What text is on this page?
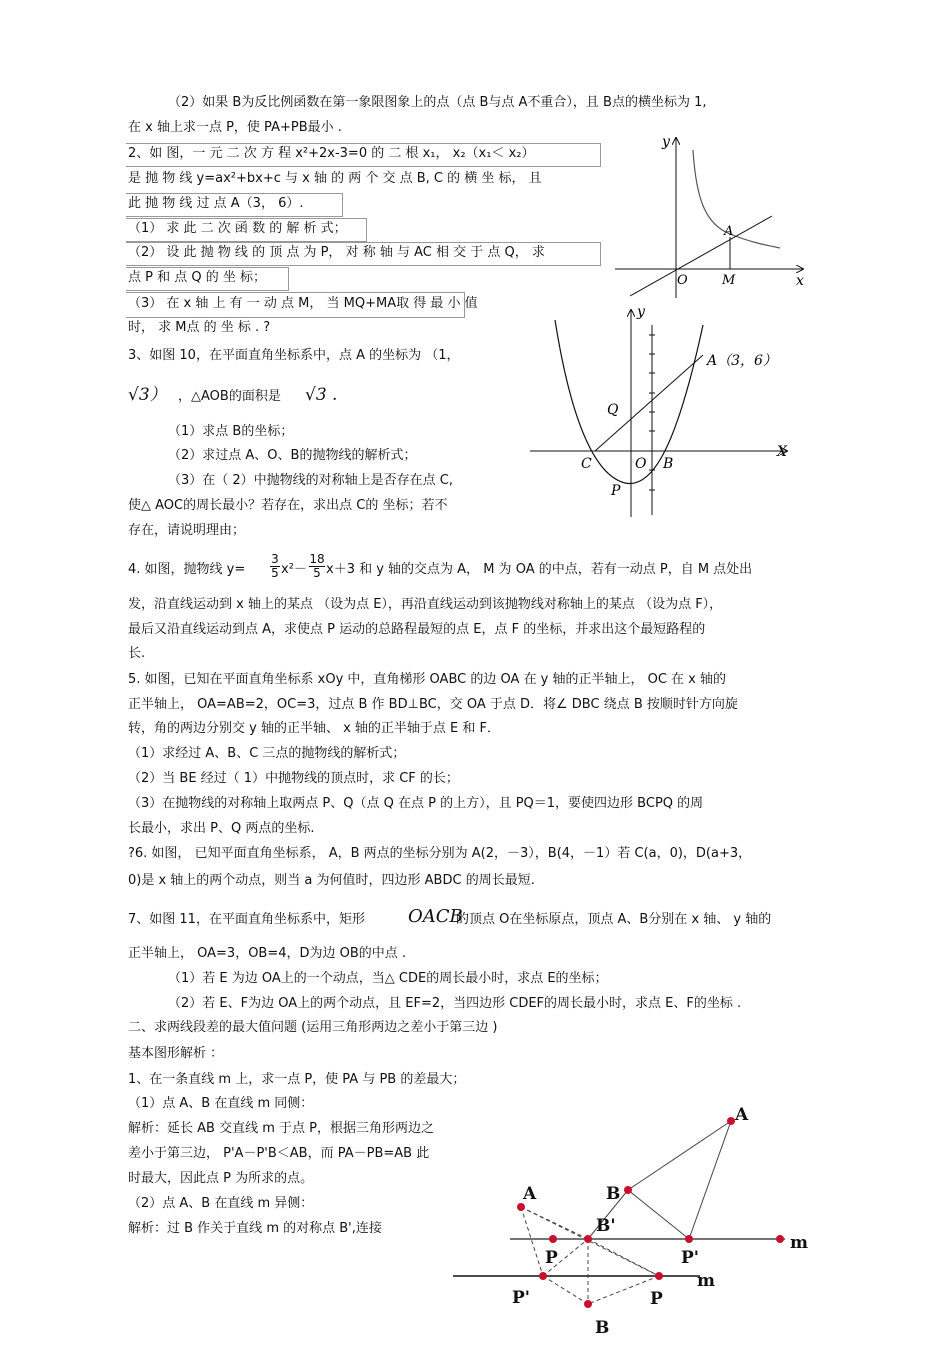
（2）如果 B为反比例函数在第一象限图象上的点（点 B与点 A不重合），且 B点的横坐标为 1,
在 x 轴上求一点 P，使 PA+PB最小 .
2、如 图，一 元 二 次 方 程 x²+2x-3=0 的 二 根 x₁， x₂（x₁＜ x₂）
是 抛 物 线 y=ax²+bx+c 与 x 轴 的 两 个 交 点 B, C 的 横 坐 标， 且
此 抛 物 线 过 点 A（3， 6）.
（1） 求 此 二 次 函 数 的 解 析 式；
（2） 设 此 抛 物 线 的 顶 点 为 P， 对 称 轴 与 AC 相 交 于 点 Q， 求
点 P 和 点 Q 的 坐 标；
（3） 在 x 轴 上 有 一 动 点 M， 当 MQ+MA取 得 最 小 值
时， 求 M点 的 坐 标 . ?
y
x
A
O	M
3、如图 10，在平面直角坐标系中，点 A 的坐标为 （1，
√3） ，△AOB的面积是 √3 .
（1）求点 B的坐标；
（2）求过点 A、O、B的抛物线的解析式；
（3）在（ 2）中抛物线的对称轴上是否存在点 C,
使△ AOC的周长最小？若存在，求出点 C的 坐标；若不
存在，请说明理由；
A（3，6）
y
X
Q
C	O B
P
4. 如图，抛物线 $y= \frac{3}{5} x^2- \frac{18}{5} x+3$ 和 y 轴的交点为 A， M 为 OA 的中点，若有一动点 P，自 M 点处出
发，沿直线运动到 x 轴上的某点 （设为点 E），再沿直线运动到该抛物线对称轴上的某点 （设为点 F），
最后又沿直线运动到点 A，求使点 P 运动的总路程最短的点 E，点 F 的坐标，并求出这个最短路程的
长.
5. 如图，已知在平面直角坐标系 xOy 中，直角梯形 OABC 的边 OA 在 y 轴的正半轴上， OC 在 x 轴的
正半轴上， OA=AB=2，OC=3，过点 B 作 BD⊥BC，交 OA 于点 D．将∠ DBC 绕点 B 按顺时针方向旋
转，角的两边分别交 y 轴的正半轴、 x 轴的正半轴于点 E 和 F．
（1）求经过 A、B、C 三点的抛物线的解析式；
（2）当 BE 经过（ 1）中抛物线的顶点时，求 CF 的长；
（3）在抛物线的对称轴上取两点 P、Q（点 Q 在点 P 的上方），且 PQ＝1，要使四边形 BCPQ 的周
长最小，求出 P、Q 两点的坐标.
?6. 如图， 已知平面直角坐标系， A，B 两点的坐标分别为 A(2，－3），B(4，－1）若 C(a，0)，D(a+3，
0)是 x 轴上的两个动点，则当 a 为何值时，四边形 ABDC 的周长最短.
7、如图 11，在平面直角坐标系中，矩形 OACB
的顶点 O在坐标原点，顶点 A、B分别在 x 轴、 y 轴的
正半轴上， OA=3，OB=4，D为边 OB的中点 .
（1）若 E 为边 OA上的一个动点，当△ CDE的周长最小时，求点 E的坐标；
（2）若 E、F为边 OA上的两个动点，且 EF=2，当四边形 CDEF的周长最小时，求点 E、F的坐标 .
二、求两线段差的最大值问题 (运用三角形两边之差小于第三边 )
基本图形解析 ：
1、在一条直线 m 上，求一点 P，使 PA 与 PB 的差最大；
（1）点 A、B 在直线 m 同侧：
解析：延长 AB 交直线 m 于点 P，根据三角形两边之
差小于第三边， P'A－P'B＜AB，而 PA－PB=AB 此
时最大，因此点 P 为所求的点。
（2）点 A、B 在直线 m 异侧：
解析：过 B 作关于直线 m 的对称点 B',连接
A
B
m
P	P'
A
B'
m
P'	P
B
